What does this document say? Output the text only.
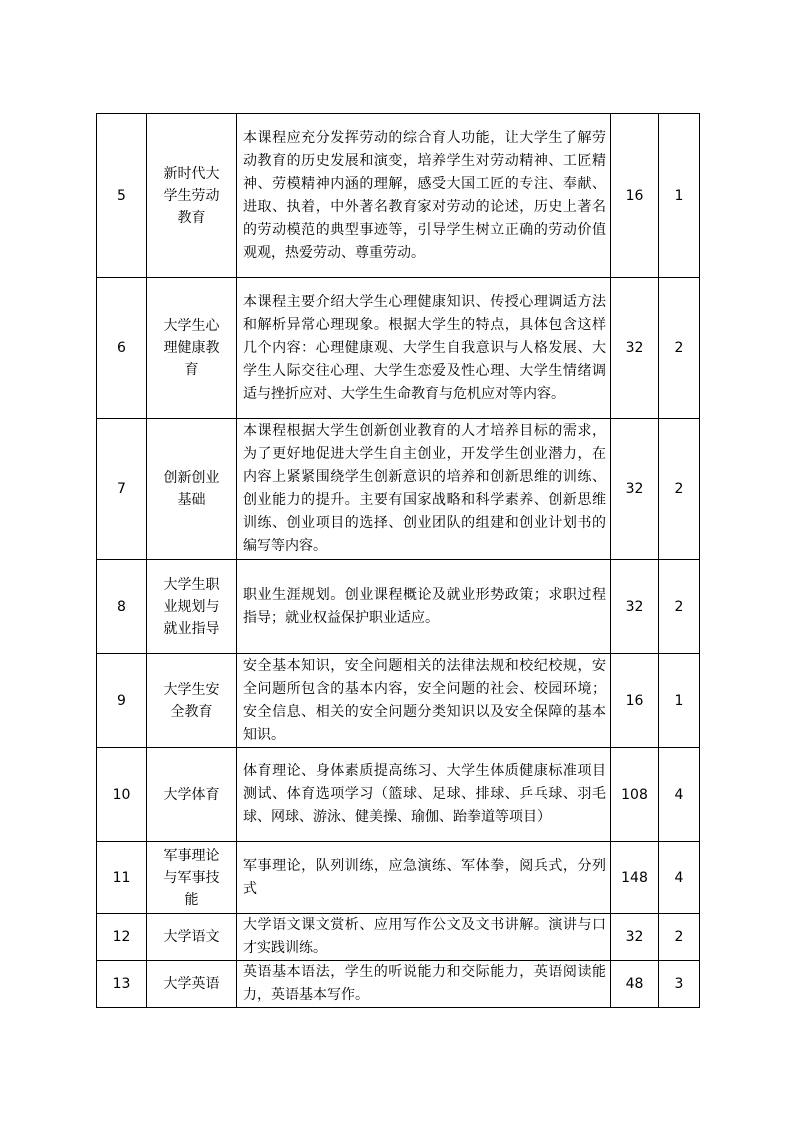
5	新时代大学生劳动教育	本课程应充分发挥劳动的综合育人功能，让大学生了解劳动教育的历史发展和演变，培养学生对劳动精神、工匠精神、劳模精神内涵的理解，感受大国工匠的专注、奉献、进取、执着，中外著名教育家对劳动的论述，历史上著名的劳动模范的典型事迹等，引导学生树立正确的劳动价值观观，热爱劳动、尊重劳动。	16	1
6	大学生心理健康教育	本课程主要介绍大学生心理健康知识、传授心理调适方法和解析异常心理现象。根据大学生的特点，具体包含这样几个内容：心理健康观、大学生自我意识与人格发展、大学生人际交往心理、大学生恋爱及性心理、大学生情绪调适与挫折应对、大学生生命教育与危机应对等内容。	32	2
7	创新创业基础	本课程根据大学生创新创业教育的人才培养目标的需求，为了更好地促进大学生自主创业，开发学生创业潜力，在内容上紧紧围绕学生创新意识的培养和创新思维的训练、创业能力的提升。主要有国家战略和科学素养、创新思维训练、创业项目的选择、创业团队的组建和创业计划书的编写等内容。	32	2
8	大学生职业规划与就业指导	职业生涯规划。创业课程概论及就业形势政策；求职过程指导；就业权益保护职业适应。	32	2
9	大学生安全教育	安全基本知识，安全问题相关的法律法规和校纪校规，安全问题所包含的基本内容，安全问题的社会、校园环境；安全信息、相关的安全问题分类知识以及安全保障的基本知识。	16	1
10	大学体育	体育理论、身体素质提高练习、大学生体质健康标准项目测试、体育选项学习（篮球、足球、排球、乒乓球、羽毛球、网球、游泳、健美操、瑜伽、跆拳道等项目）	108	4
11	军事理论与军事技能	军事理论，队列训练，应急演练、军体拳，阅兵式，分列式	148	4
12	大学语文	大学语文课文赏析、应用写作公文及文书讲解。演讲与口才实践训练。	32	2
13	大学英语	英语基本语法，学生的听说能力和交际能力，英语阅读能力，英语基本写作。	48	3
